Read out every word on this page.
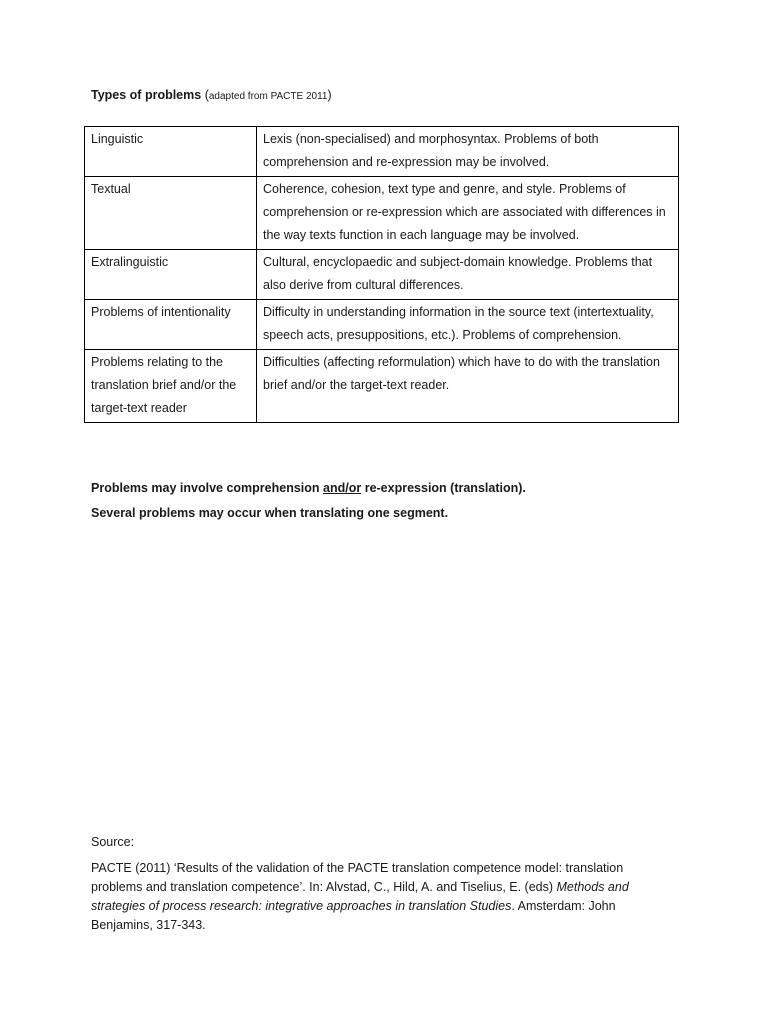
Types of problems (adapted from PACTE 2011)
Linguistic	Lexis (non-specialised) and morphosyntax. Problems of both comprehension and re-expression may be involved.
Textual	Coherence, cohesion, text type and genre, and style. Problems of comprehension or re-expression which are associated with differences in the way texts function in each language may be involved.
Extralinguistic	Cultural, encyclopaedic and subject-domain knowledge. Problems that also derive from cultural differences.
Problems of intentionality	Difficulty in understanding information in the source text (intertextuality, speech acts, presuppositions, etc.). Problems of comprehension.
Problems relating to the translation brief and/or the target-text reader	Difficulties (affecting reformulation) which have to do with the translation brief and/or the target-text reader.
Problems may involve comprehension and/or re-expression (translation).
Several problems may occur when translating one segment.
Source:
PACTE (2011) ‘Results of the validation of the PACTE translation competence model: translation problems and translation competence’. In: Alvstad, C., Hild, A. and Tiselius, E. (eds) Methods and strategies of process research: integrative approaches in translation Studies. Amsterdam: John Benjamins, 317-343.
